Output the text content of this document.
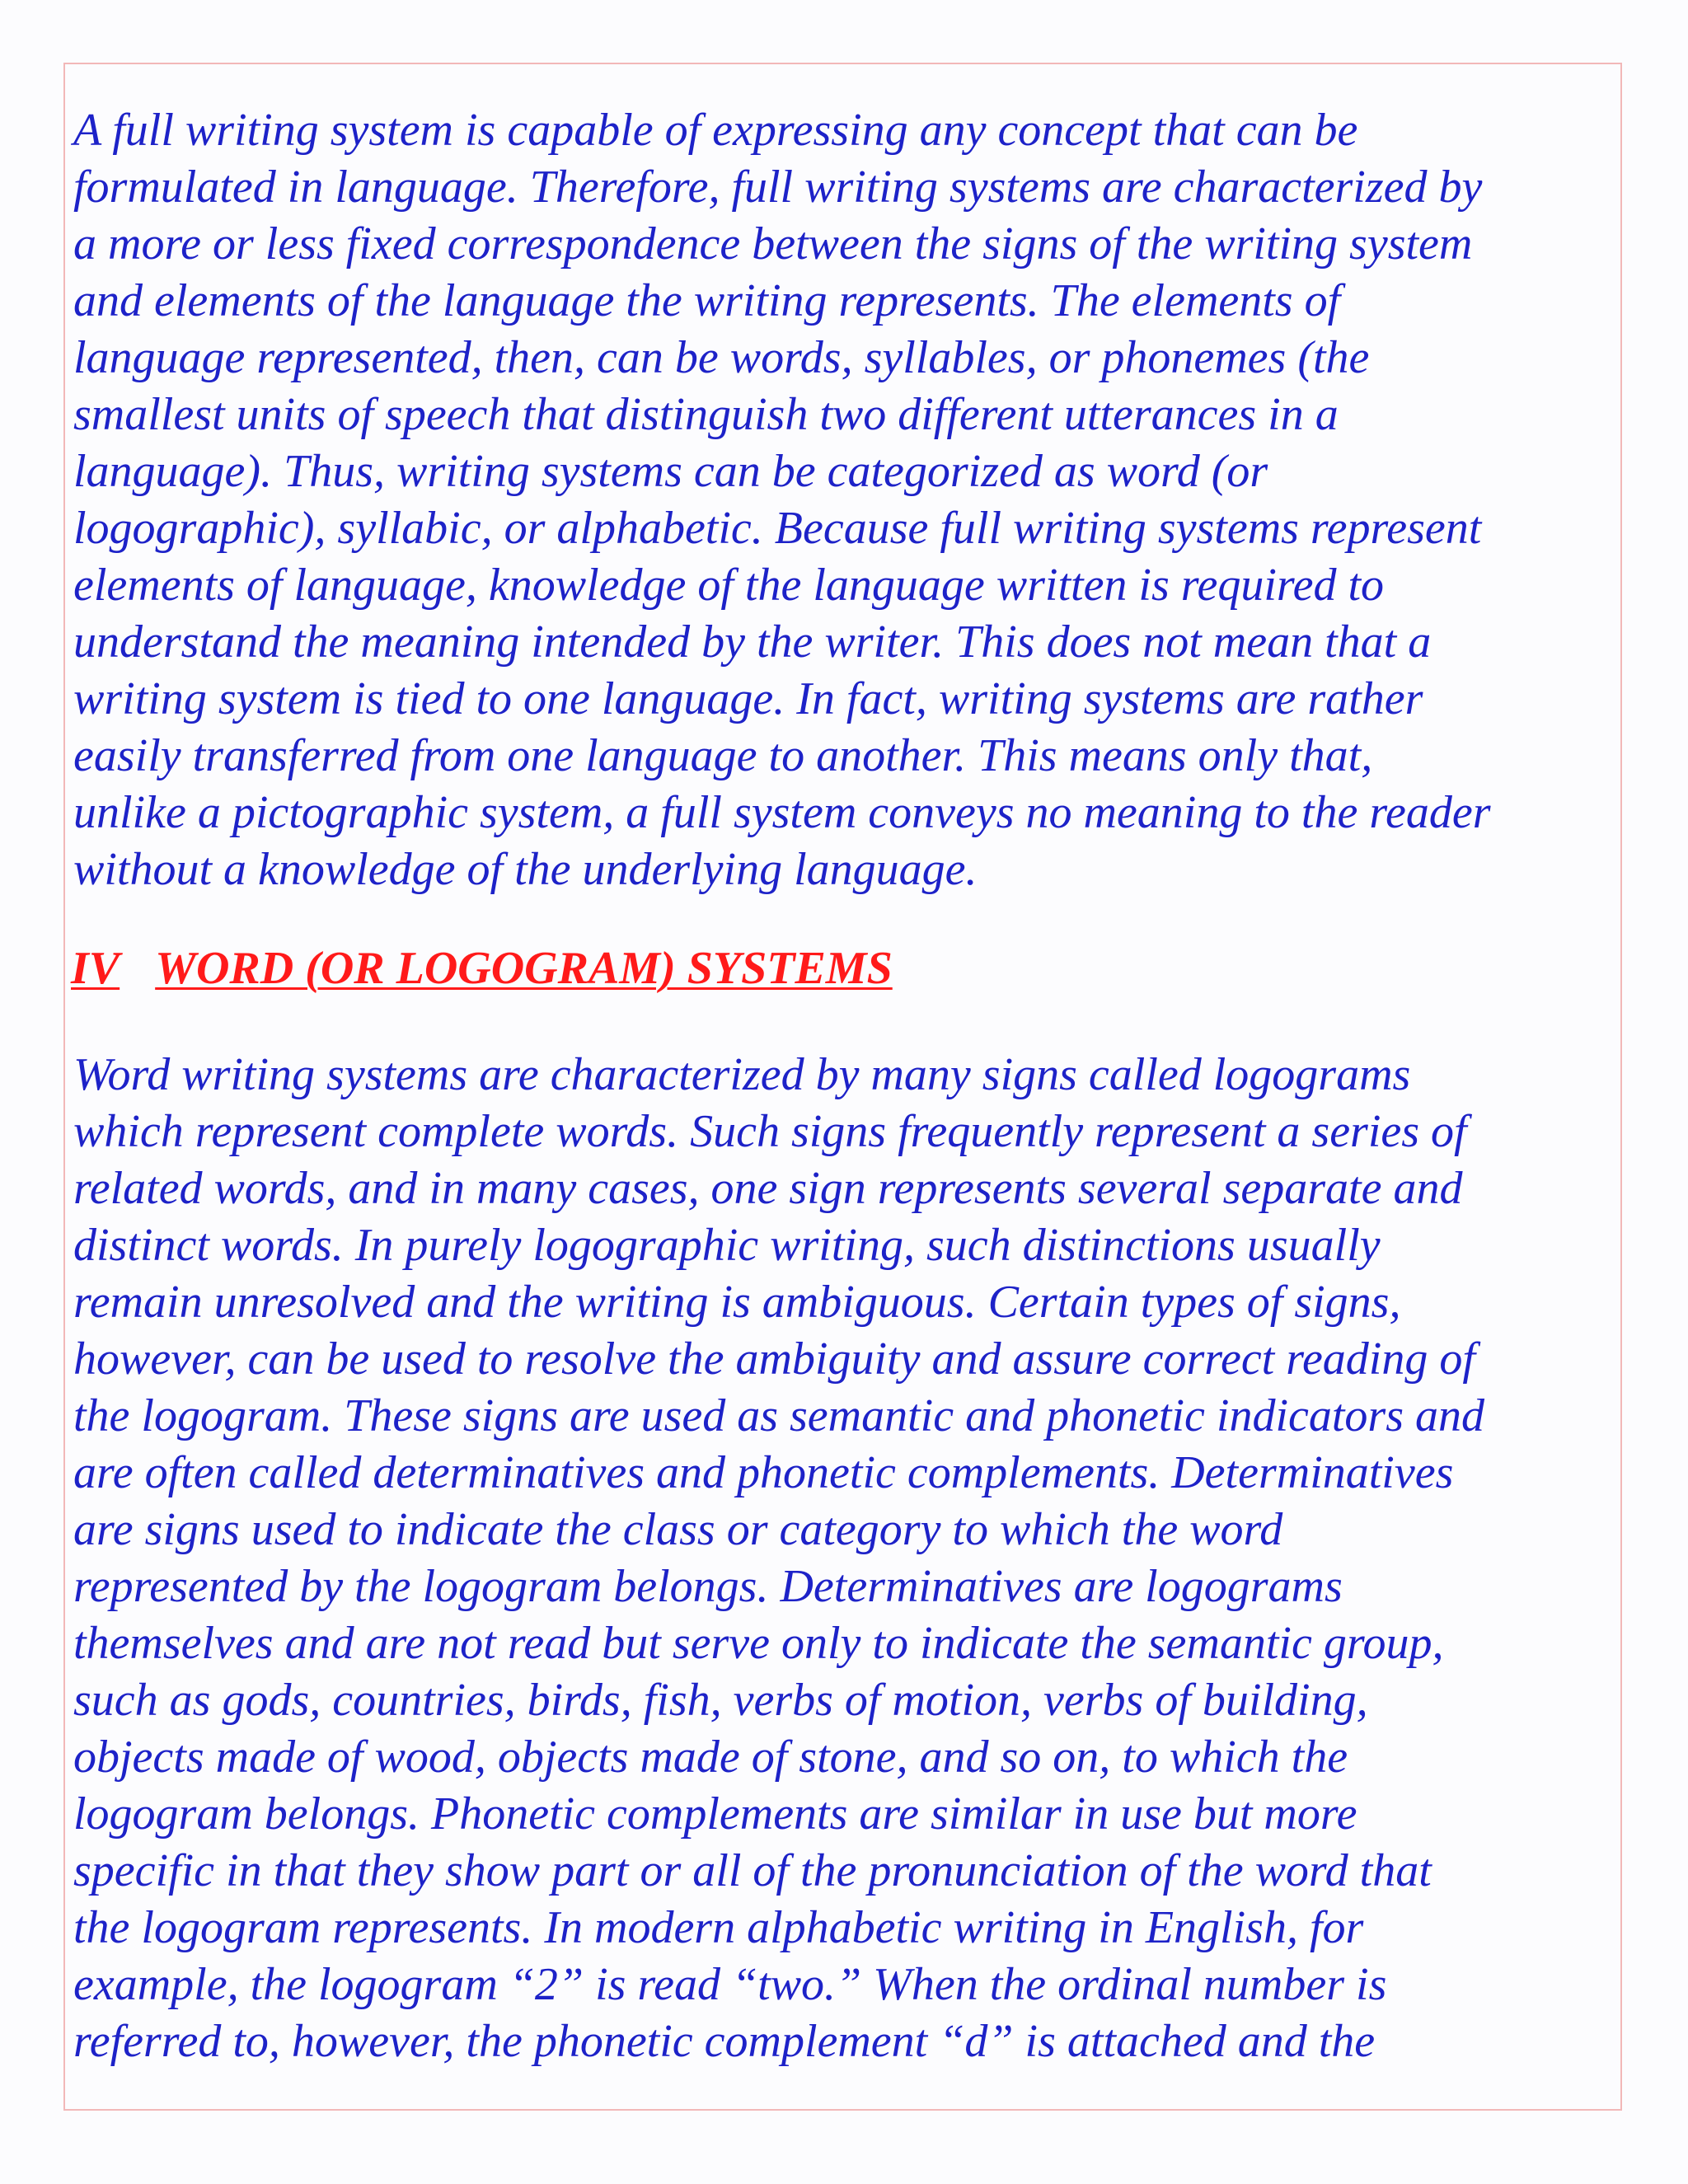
A full writing system is capable of expressing any concept that can be
formulated in language. Therefore, full writing systems are characterized by
a more or less fixed correspondence between the signs of the writing system
and elements of the language the writing represents. The elements of
language represented, then, can be words, syllables, or phonemes (the
smallest units of speech that distinguish two different utterances in a
language). Thus, writing systems can be categorized as word (or
logographic), syllabic, or alphabetic. Because full writing systems represent
elements of language, knowledge of the language written is required to
understand the meaning intended by the writer. This does not mean that a
writing system is tied to one language. In fact, writing systems are rather
easily transferred from one language to another. This means only that,
unlike a pictographic system, a full system conveys no meaning to the reader
without a knowledge of the underlying language.
IV WORD (OR LOGOGRAM) SYSTEMS
Word writing systems are characterized by many signs called logograms
which represent complete words. Such signs frequently represent a series of
related words, and in many cases, one sign represents several separate and
distinct words. In purely logographic writing, such distinctions usually
remain unresolved and the writing is ambiguous. Certain types of signs,
however, can be used to resolve the ambiguity and assure correct reading of
the logogram. These signs are used as semantic and phonetic indicators and
are often called determinatives and phonetic complements. Determinatives
are signs used to indicate the class or category to which the word
represented by the logogram belongs. Determinatives are logograms
themselves and are not read but serve only to indicate the semantic group,
such as gods, countries, birds, fish, verbs of motion, verbs of building,
objects made of wood, objects made of stone, and so on, to which the
logogram belongs. Phonetic complements are similar in use but more
specific in that they show part or all of the pronunciation of the word that
the logogram represents. In modern alphabetic writing in English, for
example, the logogram “2” is read “two.” When the ordinal number is
referred to, however, the phonetic complement “d” is attached and the
